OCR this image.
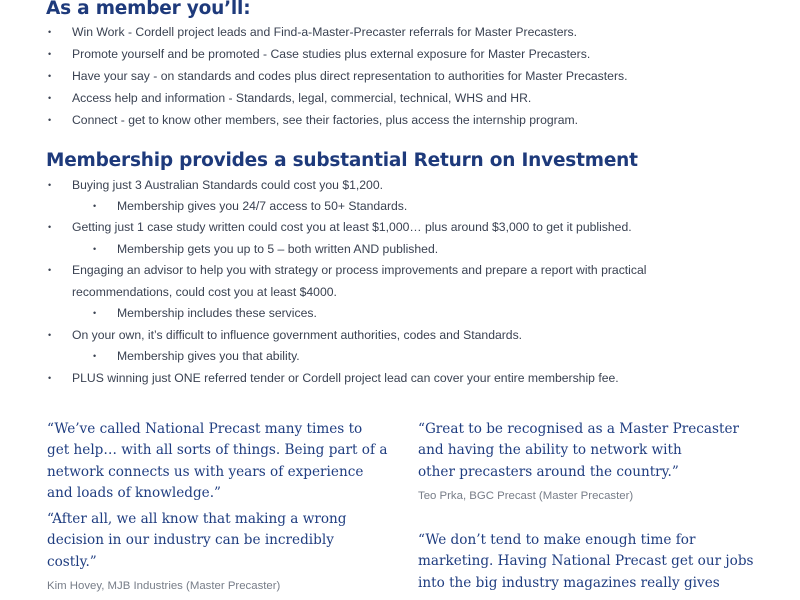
As a member you’ll:
• Win Work - Cordell project leads and Find-a-Master-Precaster referrals for Master Precasters.
• Promote yourself and be promoted - Case studies plus external exposure for Master Precasters.
• Have your say - on standards and codes plus direct representation to authorities for Master Precasters.
• Access help and information - Standards, legal, commercial, technical, WHS and HR.
• Connect - get to know other members, see their factories, plus access the internship program.
Membership provides a substantial Return on Investment
• Buying just 3 Australian Standards could cost you $1,200.
• Membership gives you 24/7 access to 50+ Standards.
• Getting just 1 case study written could cost you at least $1,000… plus around $3,000 to get it published.
• Membership gets you up to 5 – both written AND published.
• Engaging an advisor to help you with strategy or process improvements and prepare a report with practical
recommendations, could cost you at least $4000.
• Membership includes these services.
• On your own, it’s difficult to influence government authorities, codes and Standards.
• Membership gives you that ability.
• PLUS winning just ONE referred tender or Cordell project lead can cover your entire membership fee.
“We’ve called National Precast many times to
get help… with all sorts of things. Being part of a
network connects us with years of experience
and loads of knowledge.”
“After all, we all know that making a wrong
decision in our industry can be incredibly
costly.”
Kim Hovey, MJB Industries (Master Precaster)
“Great to be recognised as a Master Precaster
and having the ability to network with
other precasters around the country.”
Teo Prka, BGC Precast (Master Precaster)
“We don’t tend to make enough time for
marketing. Having National Precast get our jobs
into the big industry magazines really gives
